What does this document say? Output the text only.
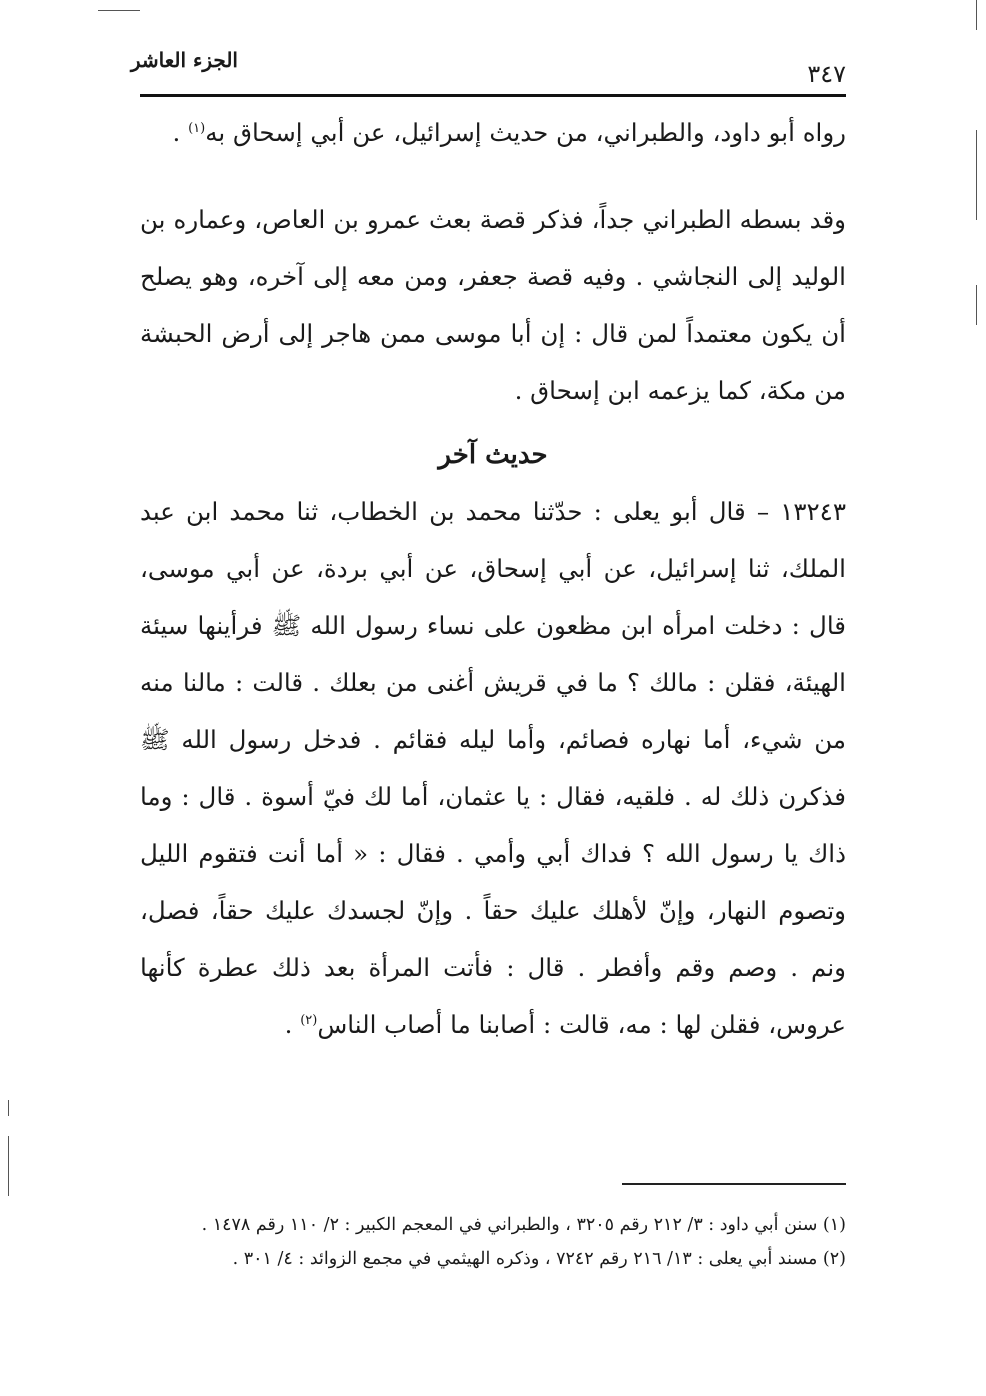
٣٤٧
الجزء العاشر

رواه أبو داود، والطبراني، من حديث إسرائيل، عن أبي إسحاق به$^{(١)}$ .

وقد بسطه الطبراني جداً، فذكر قصة بعث عمرو بن العاص، وعماره بن الوليد إلى النجاشي . وفيه قصة جعفر، ومن معه إلى آخره، وهو يصلح أن يكون معتمداً لمن قال : إن أبا موسى ممن هاجر إلى أرض الحبشة من مكة، كما يزعمه ابن إسحاق .

حديث آخر

١٣٢٤٣ – قال أبو يعلى : حدّثنا محمد بن الخطاب، ثنا محمد ابن عبد الملك، ثنا إسرائيل، عن أبي إسحاق، عن أبي بردة، عن أبي موسى، قال : دخلت امرأه ابن مظعون على نساء رسول الله ﷺ فرأينها سيئة الهيئة، فقلن : مالك ؟ ما في قريش أغنى من بعلك . قالت : مالنا منه من شيء، أما نهاره فصائم، وأما ليله فقائم . فدخل رسول الله ﷺ فذكرن ذلك له . فلقيه، فقال : يا عثمان، أما لك فيّ أسوة . قال : وما ذاك يا رسول الله ؟ فداك أبي وأمي . فقال : « أما أنت فتقوم الليل وتصوم النهار، وإنّ لأهلك عليك حقاً . وإنّ لجسدك عليك حقاً، فصل، ونم . وصم وقم وأفطر . قال : فأتت المرأة بعد ذلك عطرة كأنها عروس، فقلن لها : مه، قالت : أصابنا ما أصاب الناس$^{(٢)}$ .

(١) سنن أبي داود : ٣/ ٢١٢ رقم ٣٢٠٥ ، والطبراني في المعجم الكبير : ٢/ ١١٠ رقم ١٤٧٨ .

(٢) مسند أبي يعلى : ١٣/ ٢١٦ رقم ٧٢٤٢ ، وذكره الهيثمي في مجمع الزوائد : ٤/ ٣٠١ .
